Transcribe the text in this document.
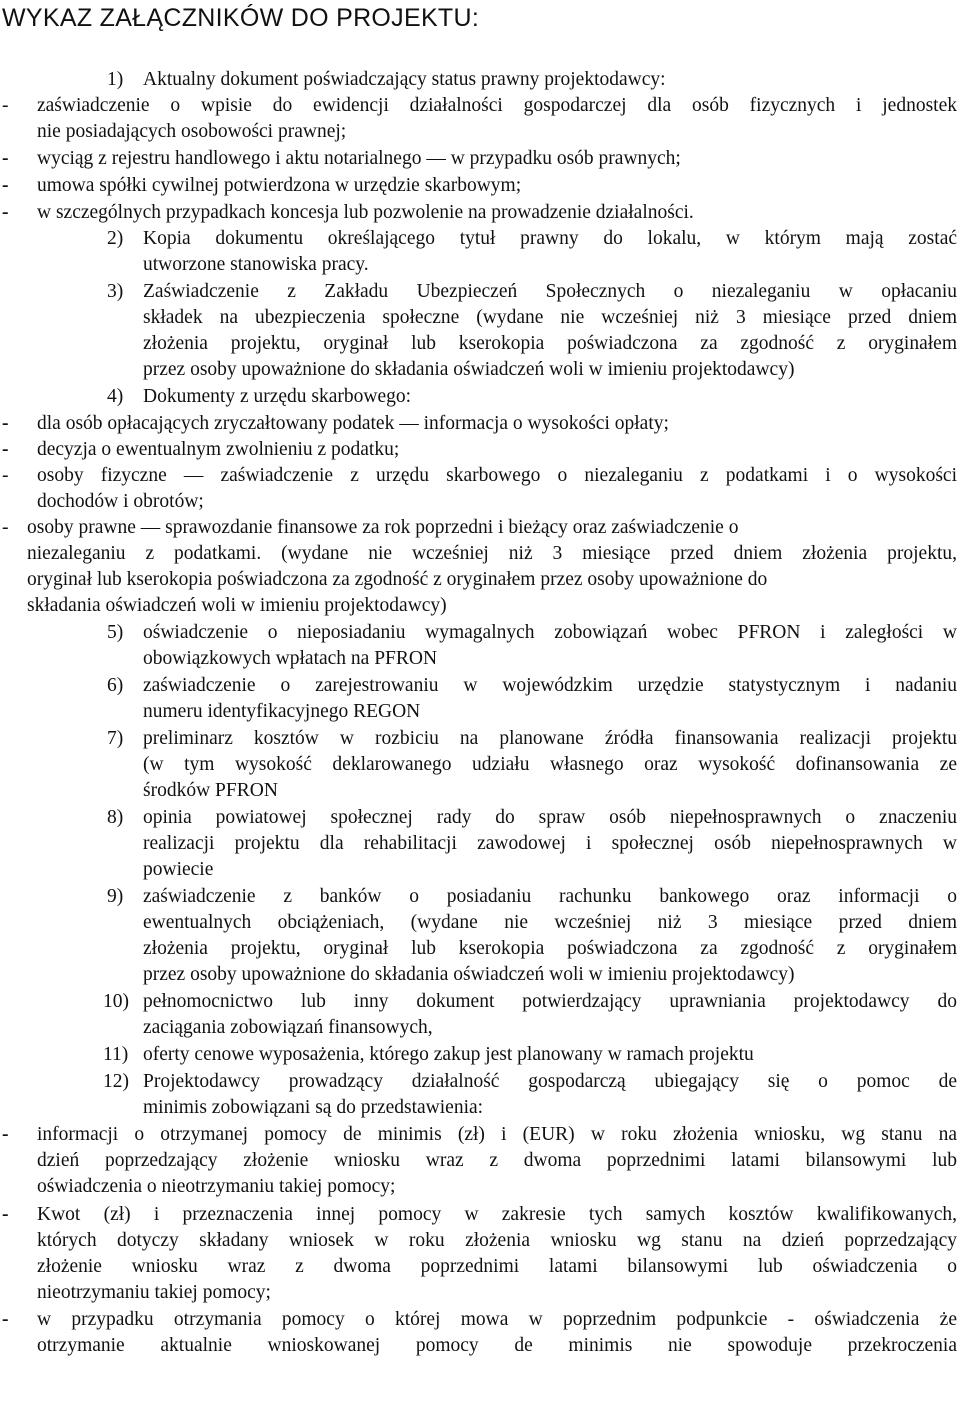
WYKAZ ZAŁĄCZNIKÓW DO PROJEKTU:
1) Aktualny dokument poświadczający status prawny projektodawcy:
- zaświadczenie o wpisie do ewidencji działalności gospodarczej dla osób fizycznych i jednostek
nie posiadających osobowości prawnej;
- wyciąg z rejestru handlowego i aktu notarialnego — w przypadku osób prawnych;
- umowa spółki cywilnej potwierdzona w urzędzie skarbowym;
- w szczególnych przypadkach koncesja lub pozwolenie na prowadzenie działalności.
2) Kopia dokumentu określającego tytuł prawny do lokalu, w którym mają zostać
utworzone stanowiska pracy.
3) Zaświadczenie z Zakładu Ubezpieczeń Społecznych o niezaleganiu w opłacaniu
składek na ubezpieczenia społeczne (wydane nie wcześniej niż 3 miesiące przed dniem
złożenia projektu, oryginał lub kserokopia poświadczona za zgodność z oryginałem
przez osoby upoważnione do składania oświadczeń woli w imieniu projektodawcy)
4) Dokumenty z urzędu skarbowego:
- dla osób opłacających zryczałtowany podatek — informacja o wysokości opłaty;
- decyzja o ewentualnym zwolnieniu z podatku;
- osoby fizyczne — zaświadczenie z urzędu skarbowego o niezaleganiu z podatkami i o wysokości
dochodów i obrotów;
- osoby prawne — sprawozdanie finansowe za rok poprzedni i bieżący oraz zaświadczenie o
niezaleganiu z podatkami. (wydane nie wcześniej niż 3 miesiące przed dniem złożenia projektu,
oryginał lub kserokopia poświadczona za zgodność z oryginałem przez osoby upoważnione do
składania oświadczeń woli w imieniu projektodawcy)
5) oświadczenie o nieposiadaniu wymagalnych zobowiązań wobec PFRON i zaległości w
obowiązkowych wpłatach na PFRON
6) zaświadczenie o zarejestrowaniu w wojewódzkim urzędzie statystycznym i nadaniu
numeru identyfikacyjnego REGON
7) preliminarz kosztów w rozbiciu na planowane źródła finansowania realizacji projektu
(w tym wysokość deklarowanego udziału własnego oraz wysokość dofinansowania ze
środków PFRON
8) opinia powiatowej społecznej rady do spraw osób niepełnosprawnych o znaczeniu
realizacji projektu dla rehabilitacji zawodowej i społecznej osób niepełnosprawnych w
powiecie
9) zaświadczenie z banków o posiadaniu rachunku bankowego oraz informacji o
ewentualnych obciążeniach, (wydane nie wcześniej niż 3 miesiące przed dniem
złożenia projektu, oryginał lub kserokopia poświadczona za zgodność z oryginałem
przez osoby upoważnione do składania oświadczeń woli w imieniu projektodawcy)
10) pełnomocnictwo lub inny dokument potwierdzający uprawniania projektodawcy do
zaciągania zobowiązań finansowych,
11) oferty cenowe wyposażenia, którego zakup jest planowany w ramach projektu
12) Projektodawcy prowadzący działalność gospodarczą ubiegający się o pomoc de
minimis zobowiązani są do przedstawienia:
- informacji o otrzymanej pomocy de minimis (zł) i (EUR) w roku złożenia wniosku, wg stanu na
dzień poprzedzający złożenie wniosku wraz z dwoma poprzednimi latami bilansowymi lub
oświadczenia o nieotrzymaniu takiej pomocy;
- Kwot (zł) i przeznaczenia innej pomocy w zakresie tych samych kosztów kwalifikowanych,
których dotyczy składany wniosek w roku złożenia wniosku wg stanu na dzień poprzedzający
złożenie wniosku wraz z dwoma poprzednimi latami bilansowymi lub oświadczenia o
nieotrzymaniu takiej pomocy;
- w przypadku otrzymania pomocy o której mowa w poprzednim podpunkcie - oświadczenia że
otrzymanie aktualnie wnioskowanej pomocy de minimis nie spowoduje przekroczenia
